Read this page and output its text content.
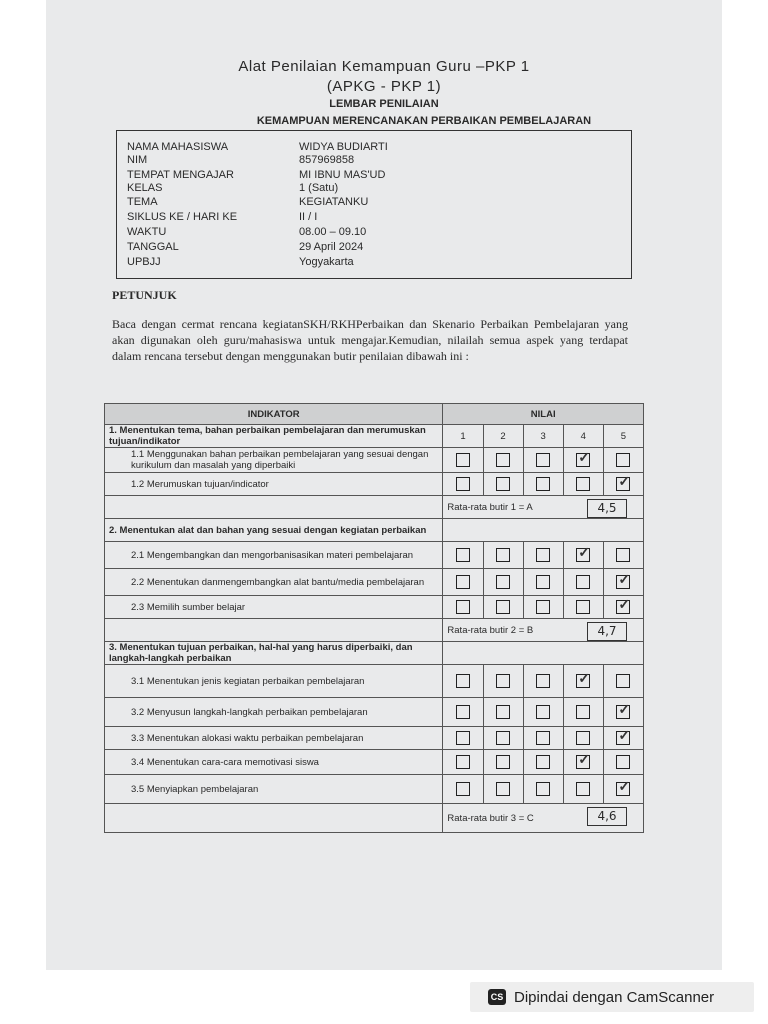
Alat Penilaian Kemampuan Guru –PKP 1
(APKG - PKP 1)
LEMBAR PENILAIAN
KEMAMPUAN MERENCANAKAN PERBAIKAN PEMBELAJARAN
NAMA MAHASISWA	WIDYA BUDIARTI
NIM	857969858
TEMPAT MENGAJAR	MI IBNU MAS'UD
KELAS	1 (Satu)
TEMA	KEGIATANKU
SIKLUS KE / HARI KE	II / I
WAKTU	08.00 – 09.10
TANGGAL	29 April 2024
UPBJJ	Yogyakarta
PETUNJUK
Baca dengan cermat rencana kegiatanSKH/RKHPerbaikan dan Skenario Perbaikan Pembelajaran yang akan digunakan oleh guru/mahasiswa untuk mengajar.Kemudian, nilailah semua aspek yang terdapat dalam rencana tersebut dengan menggunakan butir penilaian dibawah ini :
INDIKATOR	NILAI				
1. Menentukan tema, bahan perbaikan pembelajaran dan merumuskan tujuan/indikator	1	2	3	4	5
1.1 Menggunakan bahan perbaikan pembelajaran yang sesuai dengan kurikulum dan masalah yang diperbaiki				✓	

1.2 Merumuskan tujuan/indicator					✓

	Rata-rata butir 1 = A 4,5				

2. Menentukan alat dan bahan yang sesuai dengan kegiatan perbaikan					
2.1 Mengembangkan dan mengorbanisasikan materi pembelajaran				✓	

2.2 Menentukan danmengembangkan alat bantu/media pembelajaran					✓

2.3 Memilih sumber belajar					✓

	Rata-rata butir 2 = B 4,7				

3. Menentukan tujuan perbaikan, hal-hal yang harus diperbaiki, dan langkah-langkah perbaikan					
3.1 Menentukan jenis kegiatan perbaikan pembelajaran				✓	

3.2 Menyusun langkah-langkah perbaikan pembelajaran					✓

3.3 Menentukan alokasi waktu perbaikan pembelajaran					✓

3.4 Menentukan cara-cara memotivasi siswa				✓	

3.5 Menyiapkan pembelajaran					✓

	Rata-rata butir 3 = C 4,6				
CS Dipindai dengan CamScanner
